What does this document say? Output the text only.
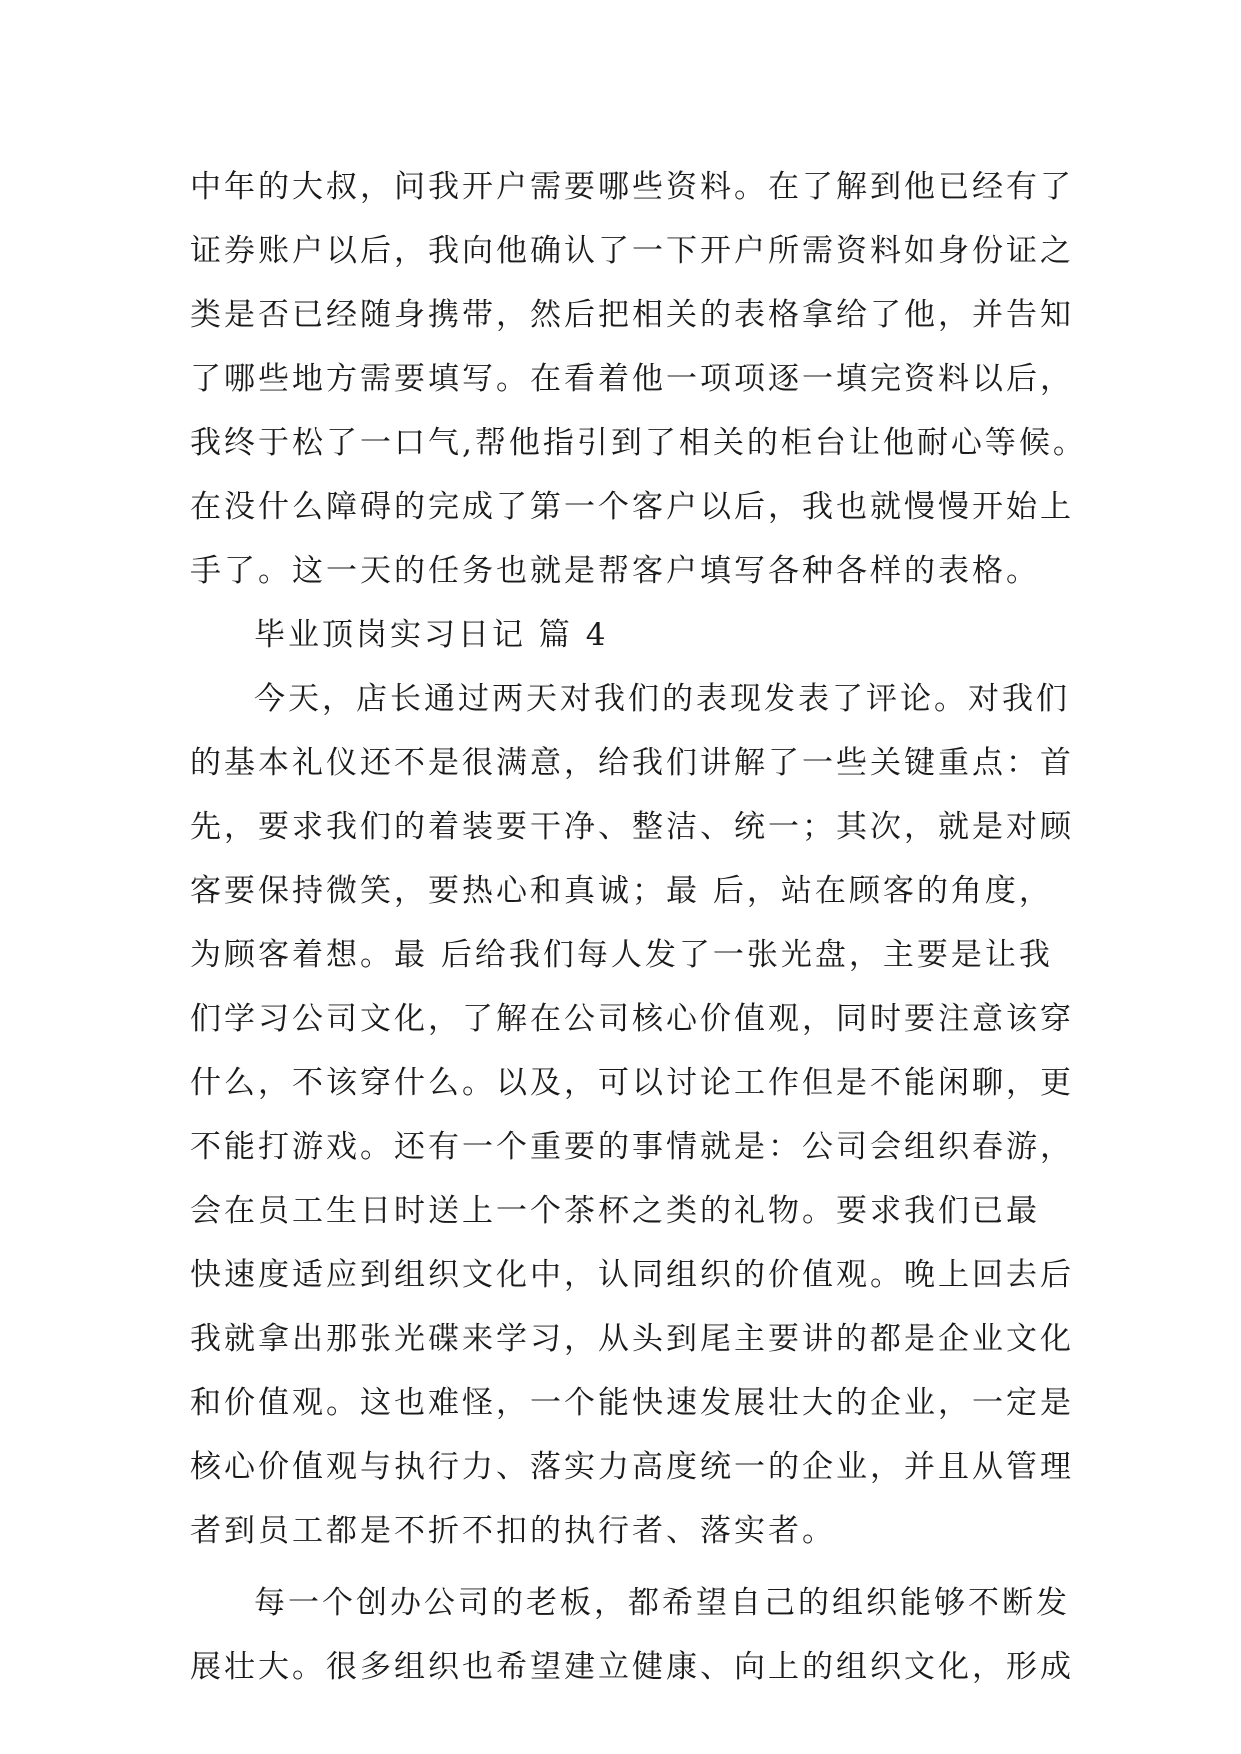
中年的大叔，问我开户需要哪些资料。在了解到他已经有了
证券账户以后，我向他确认了一下开户所需资料如身份证之
类是否已经随身携带，然后把相关的表格拿给了他，并告知
了哪些地方需要填写。在看着他一项项逐一填完资料以后，
我终于松了一口气,帮他指引到了相关的柜台让他耐心等候。
在没什么障碍的完成了第一个客户以后，我也就慢慢开始上
手了。这一天的任务也就是帮客户填写各种各样的表格。
毕业顶岗实习日记 篇 4
今天，店长通过两天对我们的表现发表了评论。对我们
的基本礼仪还不是很满意，给我们讲解了一些关键重点：首
先，要求我们的着装要干净、整洁、统一；其次，就是对顾
客要保持微笑，要热心和真诚；最 后，站在顾客的角度，
为顾客着想。最 后给我们每人发了一张光盘，主要是让我
们学习公司文化，了解在公司核心价值观，同时要注意该穿
什么，不该穿什么。以及，可以讨论工作但是不能闲聊，更
不能打游戏。还有一个重要的事情就是：公司会组织春游，
会在员工生日时送上一个茶杯之类的礼物。要求我们已最
快速度适应到组织文化中，认同组织的价值观。晚上回去后
我就拿出那张光碟来学习，从头到尾主要讲的都是企业文化
和价值观。这也难怪，一个能快速发展壮大的企业，一定是
核心价值观与执行力、落实力高度统一的企业，并且从管理
者到员工都是不折不扣的执行者、落实者。
每一个创办公司的老板，都希望自己的组织能够不断发
展壮大。很多组织也希望建立健康、向上的组织文化，形成
